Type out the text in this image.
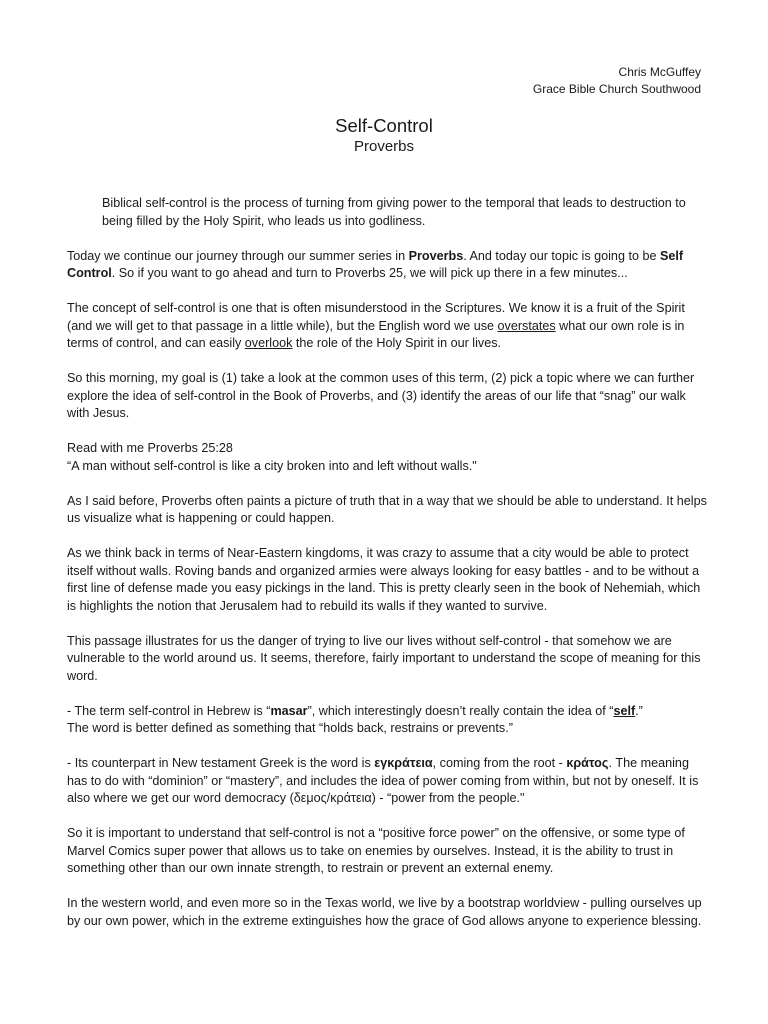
Chris McGuffey
Grace Bible Church Southwood
Self-Control
Proverbs

Biblical self-control is the process of turning from giving power to the temporal that leads to destruction to being filled by the Holy Spirit, who leads us into godliness.

Today we continue our journey through our summer series in Proverbs. And today our topic is going to be Self Control. So if you want to go ahead and turn to Proverbs 25, we will pick up there in a few minutes...

The concept of self-control is one that is often misunderstood in the Scriptures. We know it is a fruit of the Spirit (and we will get to that passage in a little while), but the English word we use overstates what our own role is in terms of control, and can easily overlook the role of the Holy Spirit in our lives.

So this morning, my goal is (1) take a look at the common uses of this term, (2) pick a topic where we can further explore the idea of self-control in the Book of Proverbs, and (3) identify the areas of our life that “snag” our walk with Jesus.

Read with me Proverbs 25:28
“A man without self-control is like a city broken into and left without walls."

As I said before, Proverbs often paints a picture of truth that in a way that we should be able to understand. It helps us visualize what is happening or could happen.

As we think back in terms of Near-Eastern kingdoms, it was crazy to assume that a city would be able to protect itself without walls. Roving bands and organized armies were always looking for easy battles - and to be without a first line of defense made you easy pickings in the land. This is pretty clearly seen in the book of Nehemiah, which is highlights the notion that Jerusalem had to rebuild its walls if they wanted to survive.

This passage illustrates for us the danger of trying to live our lives without self-control - that somehow we are vulnerable to the world around us. It seems, therefore, fairly important to understand the scope of meaning for this word.

- The term self-control in Hebrew is “masar”, which interestingly doesn’t really contain the idea of “self.”
The word is better defined as something that “holds back, restrains or prevents.”

- Its counterpart in New testament Greek is the word is εγκράτεια, coming from the root - κράτος. The meaning has to do with “dominion” or “mastery”, and includes the idea of power coming from within, but not by oneself. It is also where we get our word democracy (δεμος/κράτεια) - “power from the people."

So it is important to understand that self-control is not a “positive force power” on the offensive, or some type of Marvel Comics super power that allows us to take on enemies by ourselves. Instead, it is the ability to trust in something other than our own innate strength, to restrain or prevent an external enemy.

In the western world, and even more so in the Texas world, we live by a bootstrap worldview - pulling ourselves up by our own power, which in the extreme extinguishes how the grace of God allows anyone to experience blessing.
